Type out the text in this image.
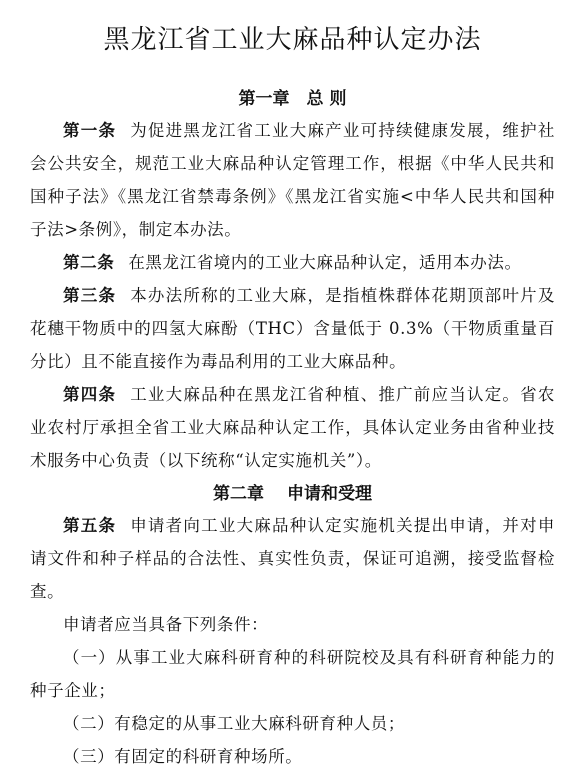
黑龙江省工业大麻品种认定办法
第一章　总 则

第一条 为促进黑龙江省工业大麻产业可持续健康发展，维护社会公共安全，规范工业大麻品种认定管理工作，根据《中华人民共和国种子法》《黑龙江省禁毒条例》《黑龙江省实施<中华人民共和国种子法>条例》，制定本办法。

第二条 在黑龙江省境内的工业大麻品种认定，适用本办法。

第三条 本办法所称的工业大麻，是指植株群体花期顶部叶片及花穗干物质中的四氢大麻酚（THC）含量低于 0.3%（干物质重量百分比）且不能直接作为毒品利用的工业大麻品种。

第四条 工业大麻品种在黑龙江省种植、推广前应当认定。省农业农村厅承担全省工业大麻品种认定工作，具体认定业务由省种业技术服务中心负责（以下统称“认定实施机关”）。

第二章　 申请和受理

第五条 申请者向工业大麻品种认定实施机关提出申请，并对申请文件和种子样品的合法性、真实性负责，保证可追溯，接受监督检查。

申请者应当具备下列条件：

（一）从事工业大麻科研育种的科研院校及具有科研育种能力的种子企业；

（二）有稳定的从事工业大麻科研育种人员；

（三）有固定的科研育种场所。
